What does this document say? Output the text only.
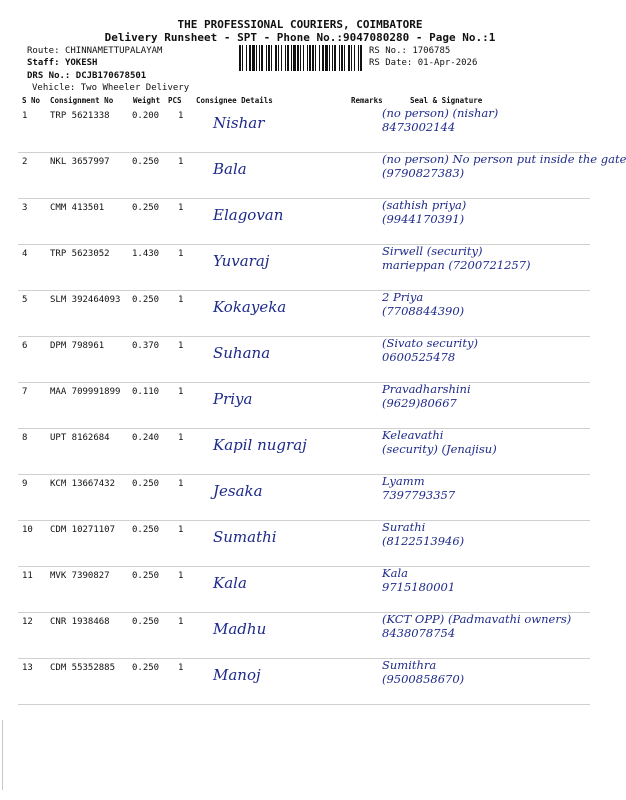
THE PROFESSIONAL COURIERS, COIMBATORE
Delivery Runsheet - SPT - Phone No.:9047080280 - Page No.:1
Route: CHINNAMETTUPALAYAM
Staff: YOKESH
DRS No.: DCJB170678501
Vehicle: Two Wheeler Delivery
RS No.: 1706785
RS Date: 01-Apr-2026
S No Consignment No	Weight PCS Consignee Details	Remarks	Seal & Signature
1	TRP 5621338 0.200 1 Nishar
(no person) (nishar)
8473002144
2	NKL 3657997 0.250 1 Bala
(no person) No person put inside the gate
(9790827383)
3	CMM 413501	0.250 1 Elagovan
(sathish priya)
(9944170391)
4	TRP 5623052 1.430 1 Yuvaraj
Sirwell (security)
marieppan (7200721257)
5	SLM 392464093 0.250 1 Kokayeka
2 Priya
(7708844390)
6	DPM 798961	0.370 1 Suhana
(Sivato security)
0600525478
7	MAA 709991899 0.110 1 Priya
Pravadharshini
(9629)80667
8	UPT 8162684 0.240 1 Kapil nugraj
Keleavathi
(security) (Jenajisu)
9	KCM 13667432 0.250 1 Jesaka
Lyamm
7397793357
10 CDM 10271107 0.250 1 Sumathi
Surathi
(8122513946)
11 MVK 7390827 0.250 1 Kala
Kala
9715180001
12 CNR 1938468 0.250 1 Madhu
(KCT OPP) (Padmavathi owners)
8438078754
13 CDM 55352885 0.250 1 Manoj
Sumithra
(9500858670)
